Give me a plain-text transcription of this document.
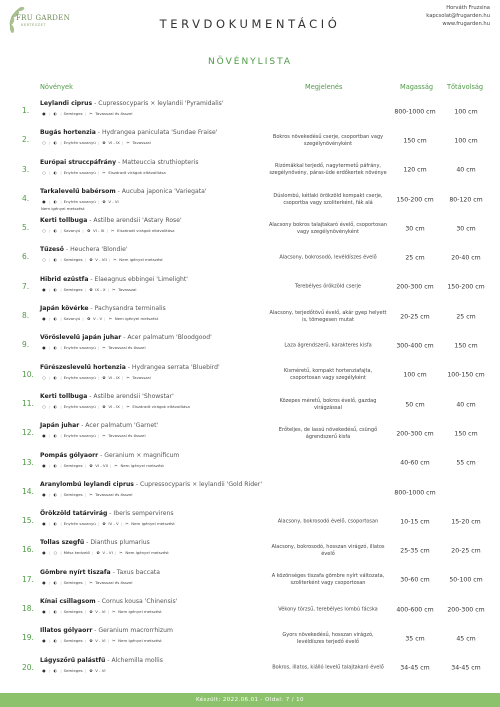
FRU GARDEN
KERTÉSZET	TERVDOKUMENTÁCIÓ
Horváth Fruzsina
kapcsolat@frugarden.hu
www.frugarden.hu
NÖVÉNYLISTA
Növények	Megjelenés	Magasság Tőtávolság
1.
Leylandi ciprus - Cupressocyparis × leylandii 'Pyramidalis'
● | ◐ | Semleges | ✂ Tavasszal és ősszel	800-1000 cm	100 cm
2.
Bugás hortenzia - Hydrangea paniculata 'Sundae Fraise'
○ | ◐ | Enyhén savanyú | ✿ VI - IX | ✂ Tavasszal
Bokros növekedésű cserje, csoportban vagy szegélynövényként	150 cm	100 cm
3.
Európai struccpáfrány - Matteuccia struthiopteris
○ | ◐ | Enyhén savanyú | ✂ Elszáradt virágok eltávolítása
Rizómákkal terjedő, nagytermetű páfrány, szegélynövény, páras-üde erdőkertek növénye	120 cm	40 cm
4.
Tarkalevelű babérsom - Aucuba japonica 'Variegata'
● | ◐ | Enyhén savanyú | ✿ V - VI
Nem igényel metszést
Dúslombú, kétlaki örökzöld kompakt cserje, csoportba vagy szoliterként, fák alá	150-200 cm	80-120 cm
5.
Kerti tollbuga - Astilbe arendsii 'Astary Rose'
○ | ◐ | Savanyú | ✿ VI - IX | ✂ Elszáradt virágok eltávolítása
Alacsony bokros talajtakaró évelő, csoportosan vagy szegélynövényként	30 cm	30 cm
6.
Tűzeső - Heuchera 'Blondie'
○ | ◐ | Semleges | ✿ V - VII | ✂ Nem igényel metszést	Alacsony, bokrosodó, levéldíszes évelő	25 cm	20-40 cm
7.
Hibrid ezüstfa - Elaeagnus ebbingei 'Limelight'
● | ◐ | Semleges | ✿ IX - X | ✂ Tavasszal	Terebélyes örökzöld cserje	200-300 cm	150-200 cm
8.
Japán kövérke - Pachysandra terminalis
● | ◐ | Savanyú | ✿ V - V | ✂ Nem igényel metszést
Alacsony, terjedőtövű évelő, akár gyep helyett is, tömegesen mutat	20-25 cm	25 cm
9.
Vöröslevelű japán juhar - Acer palmatum 'Bloodgood'
● | ◐ | Enyhén savanyú | ✂ Tavasszal és ősszel	Laza ágrendszerű, karakteres kisfa	300-400 cm	150 cm
10.
Fűrészeslevelű hortenzia - Hydrangea serrata 'Bluebird'
○ | ◐ | Enyhén savanyú | ✿ VI - IX | ✂ Tavasszal
Kisméretű, kompakt hortenziafajta, csoportosan vagy szegélyként	100 cm	100-150 cm
11.
Kerti tollbuga - Astilbe arendsii 'Showstar'
○ | ◐ | Enyhén savanyú | ✿ VI - IX | ✂ Elszáradt virágok eltávolítása
Közepes méretű, bokros évelő, gazdag virágzással	50 cm	40 cm
12.
Japán juhar - Acer palmatum 'Garnet'
● | ◐ | Enyhén savanyú | ✂ Tavasszal és ősszel
Erőteljes, de lassú növekedésű, csüngő ágrendszerű kisfa	200-300 cm	150 cm
13.
Pompás gólyaorr - Geranium × magnificum
● | ◐ | Semleges | ✿ VI - VII | ✂ Nem igényel metszést	40-60 cm	55 cm
14.
Aranylombú leylandi ciprus - Cupressocyparis × leylandii 'Gold Rider'
● | ◐ | Semleges | ✂ Tavasszal és ősszel	800-1000 cm
15.
Örökzöld tatárvirág - Iberis sempervirens
● | ◐ | Enyhén savanyú | ✿ IV - V | ✂ Nem igényel metszést	Alacsony, bokrosodó évelő, csoportosan	10-15 cm	15-20 cm
16.
Tollas szegfű - Dianthus plumarius
● | ○ | Mész kedvelő | ✿ V - VI | ✂ Nem igényel metszést
Alacsony, bokrosodó, hosszan virágzó, illatos évelő	25-35 cm	20-25 cm
17.
Gömbre nyírt tiszafa - Taxus baccata
● | ◐ | Semleges | ✂ Tavasszal és ősszel
A közönséges tiszafa gömbre nyírt változata, szoliterként vagy csoportosan	30-60 cm	50-100 cm
18.
Kínai csillagsom - Cornus kousa 'Chinensis'
● | ◐ | Semleges | ✿ V - VI | ✂ Nem igényel metszést	Vékony törzsű, terebélyes lombú fácska	400-600 cm	200-300 cm
19.
Illatos gólyaorr - Geranium macrorrhizum
● | ◐ | Semleges | ✿ V - VI | ✂ Nem igényel metszést
Gyors növekedésű, hosszan virágzó, levéldíszes terjedő évelő	35 cm	45 cm
20.
Lágyszőrű palástfű - Alchemilla mollis
● | ◐ | Semleges | ✿ V - VI	Bokros, illatos, kiálló levelű talajtakaró évelő	34-45 cm	34-45 cm
Készült: 2022.06.01 - Oldal: 7 / 10
